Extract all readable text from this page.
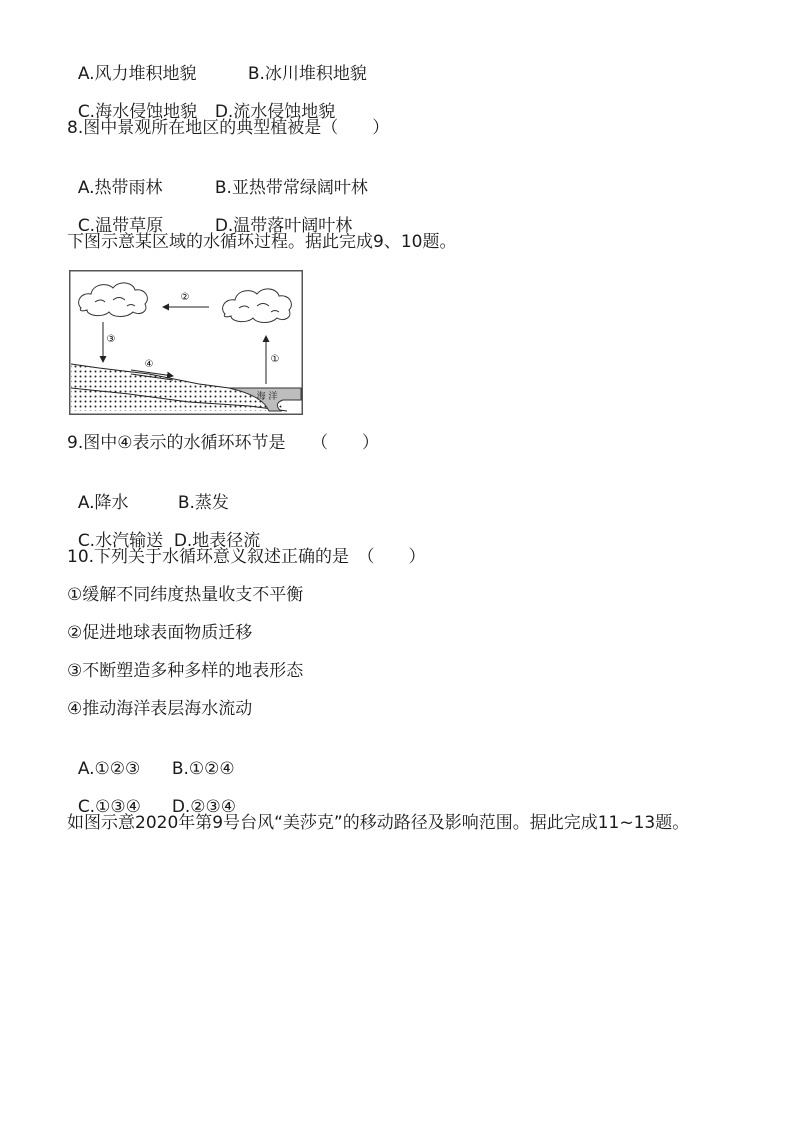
A.风力堆积地貌	B.冰川堆积地貌

C.海水侵蚀地貌 D.流水侵蚀地貌

8.图中景观所在地区的典型植被是（　　）

A.热带雨林	B.亚热带常绿阔叶林

C.温带草原	D.温带落叶阔叶林

下图示意某区域的水循环过程。据此完成9、10题。
②
③
①
④
海 洋
9.图中④表示的水循环环节是　　（　　）

A.降水	B.蒸发

C.水汽输送 D.地表径流

10.下列关于水循环意义叙述正确的是　（　　）
①缓解不同纬度热量收支不平衡
②促进地球表面物质迁移
③不断塑造多种多样的地表形态
④推动海洋表层海水流动

A.①②③ B.①②④

C.①③④ D.②③④

如图示意2020年第9号台风“美莎克”的移动路径及影响范围。据此完成11~13题。
